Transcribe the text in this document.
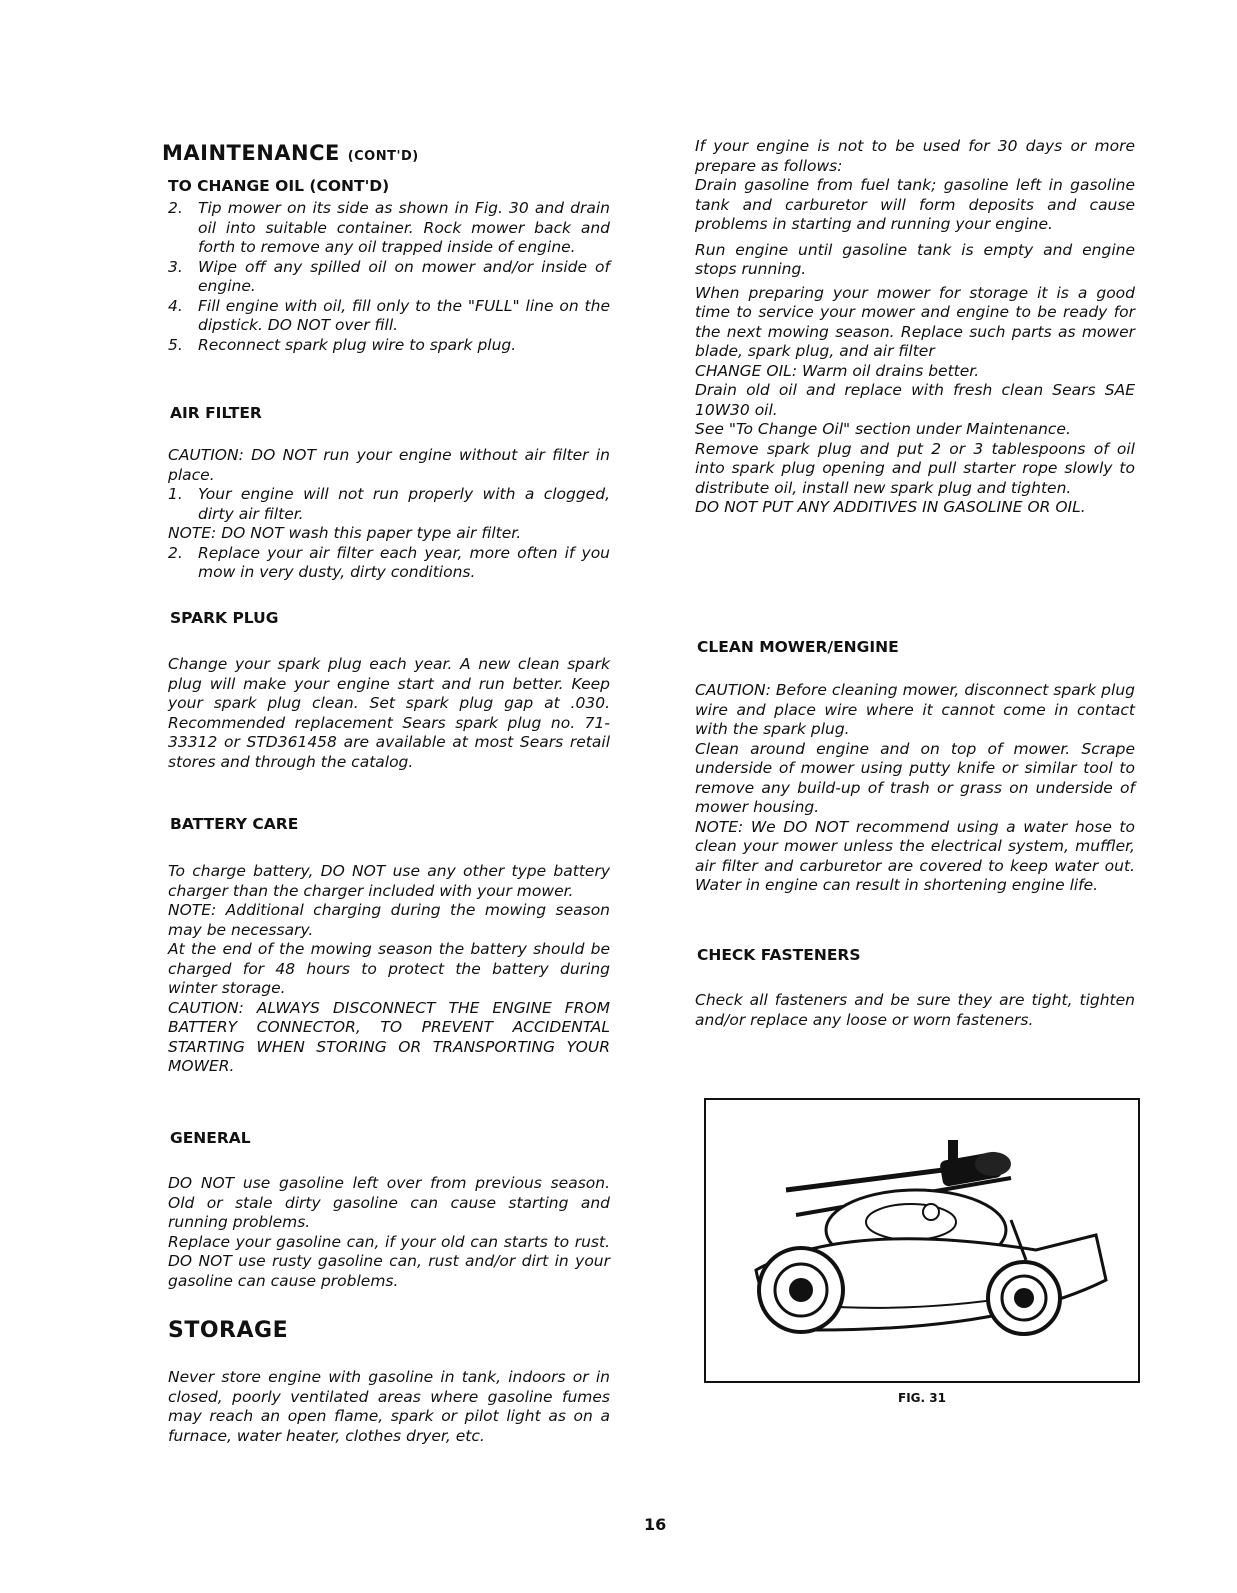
MAINTENANCE (CONT'D)
TO CHANGE OIL (CONT'D)
2. Tip mower on its side as shown in Fig. 30 and drain oil into suitable container. Rock mower back and forth to remove any oil trapped inside of engine.
3. Wipe off any spilled oil on mower and/or inside of engine.
4. Fill engine with oil, fill only to the "FULL" line on the dipstick. DO NOT over fill.
5. Reconnect spark plug wire to spark plug.
AIR FILTER

CAUTION: DO NOT run your engine without air filter in place.

1. Your engine will not run properly with a clogged, dirty air filter.

NOTE: DO NOT wash this paper type air filter.

2. Replace your air filter each year, more often if you mow in very dusty, dirty conditions.
SPARK PLUG

Change your spark plug each year. A new clean spark plug will make your engine start and run better. Keep your spark plug clean. Set spark plug gap at .030. Recommended replacement Sears spark plug no. 71-33312 or STD361458 are available at most Sears retail stores and through the catalog.

BATTERY CARE

To charge battery, DO NOT use any other type battery charger than the charger included with your mower.

NOTE: Additional charging during the mowing season may be necessary.

At the end of the mowing season the battery should be charged for 48 hours to protect the battery during winter storage.

CAUTION: ALWAYS DISCONNECT THE ENGINE FROM BATTERY CONNECTOR, TO PREVENT ACCIDENTAL STARTING WHEN STORING OR TRANSPORTING YOUR MOWER.

GENERAL

DO NOT use gasoline left over from previous season. Old or stale dirty gasoline can cause starting and running problems.

Replace your gasoline can, if your old can starts to rust. DO NOT use rusty gasoline can, rust and/or dirt in your gasoline can cause problems.

STORAGE

Never store engine with gasoline in tank, indoors or in closed, poorly ventilated areas where gasoline fumes may reach an open flame, spark or pilot light as on a furnace, water heater, clothes dryer, etc.

If your engine is not to be used for 30 days or more prepare as follows:

Drain gasoline from fuel tank; gasoline left in gasoline tank and carburetor will form deposits and cause problems in starting and running your engine.

Run engine until gasoline tank is empty and engine stops running.

When preparing your mower for storage it is a good time to service your mower and engine to be ready for the next mowing season. Replace such parts as mower blade, spark plug, and air filter

CHANGE OIL: Warm oil drains better.

Drain old oil and replace with fresh clean Sears SAE 10W30 oil.

See "To Change Oil" section under Maintenance.

Remove spark plug and put 2 or 3 tablespoons of oil into spark plug opening and pull starter rope slowly to distribute oil, install new spark plug and tighten.

DO NOT PUT ANY ADDITIVES IN GASOLINE OR OIL.

CLEAN MOWER/ENGINE

CAUTION: Before cleaning mower, disconnect spark plug wire and place wire where it cannot come in contact with the spark plug.

Clean around engine and on top of mower. Scrape underside of mower using putty knife or similar tool to remove any build-up of trash or grass on underside of mower housing.

NOTE: We DO NOT recommend using a water hose to clean your mower unless the electrical system, muffler, air filter and carburetor are covered to keep water out. Water in engine can result in shortening engine life.

CHECK FASTENERS

Check all fasteners and be sure they are tight, tighten and/or replace any loose or worn fasteners.

FIG. 31
16
